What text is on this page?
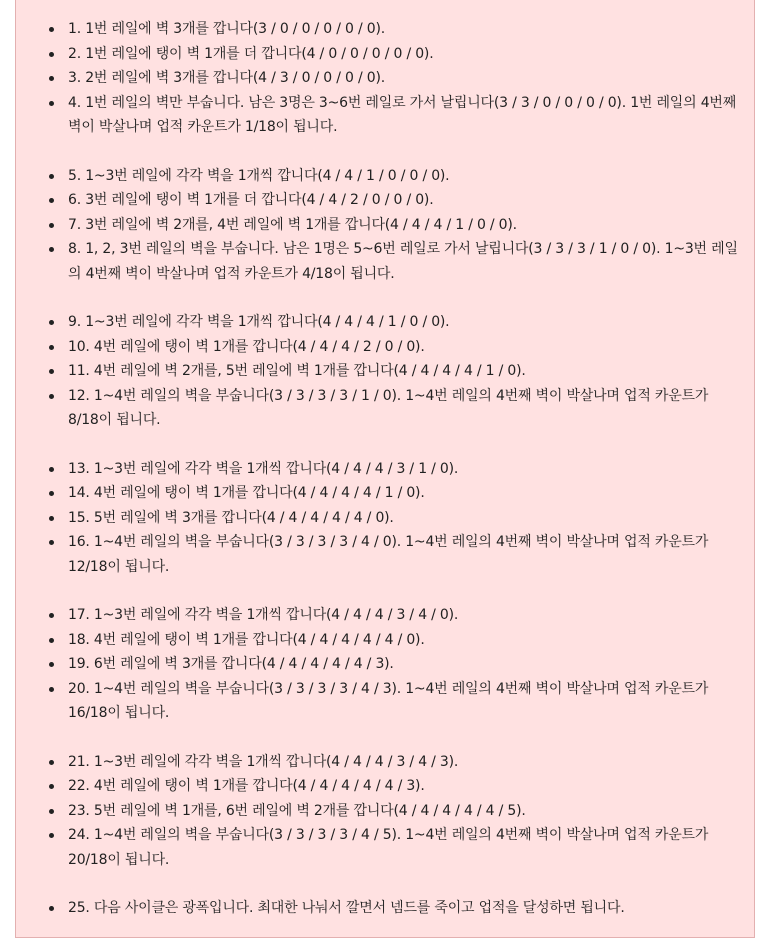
1. 1번 레일에 벽 3개를 깝니다(3 / 0 / 0 / 0 / 0 / 0).
2. 1번 레일에 탱이 벽 1개를 더 깝니다(4 / 0 / 0 / 0 / 0 / 0).
3. 2번 레일에 벽 3개를 깝니다(4 / 3 / 0 / 0 / 0 / 0).
4. 1번 레일의 벽만 부숩니다. 남은 3명은 3~6번 레일로 가서 날립니다(3 / 3 / 0 / 0 / 0 / 0). 1번 레일의 4번째 벽이 박살나며 업적 카운트가 1/18이 됩니다.
5. 1~3번 레일에 각각 벽을 1개씩 깝니다(4 / 4 / 1 / 0 / 0 / 0).
6. 3번 레일에 탱이 벽 1개를 더 깝니다(4 / 4 / 2 / 0 / 0 / 0).
7. 3번 레일에 벽 2개를, 4번 레일에 벽 1개를 깝니다(4 / 4 / 4 / 1 / 0 / 0).
8. 1, 2, 3번 레일의 벽을 부숩니다. 남은 1명은 5~6번 레일로 가서 날립니다(3 / 3 / 3 / 1 / 0 / 0). 1~3번 레일의 4번째 벽이 박살나며 업적 카운트가 4/18이 됩니다.
9. 1~3번 레일에 각각 벽을 1개씩 깝니다(4 / 4 / 4 / 1 / 0 / 0).
10. 4번 레일에 탱이 벽 1개를 깝니다(4 / 4 / 4 / 2 / 0 / 0).
11. 4번 레일에 벽 2개를, 5번 레일에 벽 1개를 깝니다(4 / 4 / 4 / 4 / 1 / 0).
12. 1~4번 레일의 벽을 부숩니다(3 / 3 / 3 / 3 / 1 / 0). 1~4번 레일의 4번째 벽이 박살나며 업적 카운트가 8/18이 됩니다.
13. 1~3번 레일에 각각 벽을 1개씩 깝니다(4 / 4 / 4 / 3 / 1 / 0).
14. 4번 레일에 탱이 벽 1개를 깝니다(4 / 4 / 4 / 4 / 1 / 0).
15. 5번 레일에 벽 3개를 깝니다(4 / 4 / 4 / 4 / 4 / 0).
16. 1~4번 레일의 벽을 부숩니다(3 / 3 / 3 / 3 / 4 / 0). 1~4번 레일의 4번째 벽이 박살나며 업적 카운트가 12/18이 됩니다.
17. 1~3번 레일에 각각 벽을 1개씩 깝니다(4 / 4 / 4 / 3 / 4 / 0).
18. 4번 레일에 탱이 벽 1개를 깝니다(4 / 4 / 4 / 4 / 4 / 0).
19. 6번 레일에 벽 3개를 깝니다(4 / 4 / 4 / 4 / 4 / 3).
20. 1~4번 레일의 벽을 부숩니다(3 / 3 / 3 / 3 / 4 / 3). 1~4번 레일의 4번째 벽이 박살나며 업적 카운트가 16/18이 됩니다.
21. 1~3번 레일에 각각 벽을 1개씩 깝니다(4 / 4 / 4 / 3 / 4 / 3).
22. 4번 레일에 탱이 벽 1개를 깝니다(4 / 4 / 4 / 4 / 4 / 3).
23. 5번 레일에 벽 1개를, 6번 레일에 벽 2개를 깝니다(4 / 4 / 4 / 4 / 4 / 5).
24. 1~4번 레일의 벽을 부숩니다(3 / 3 / 3 / 3 / 4 / 5). 1~4번 레일의 4번째 벽이 박살나며 업적 카운트가 20/18이 됩니다.
25. 다음 사이클은 광폭입니다. 최대한 나눠서 깔면서 넴드를 죽이고 업적을 달성하면 됩니다.
